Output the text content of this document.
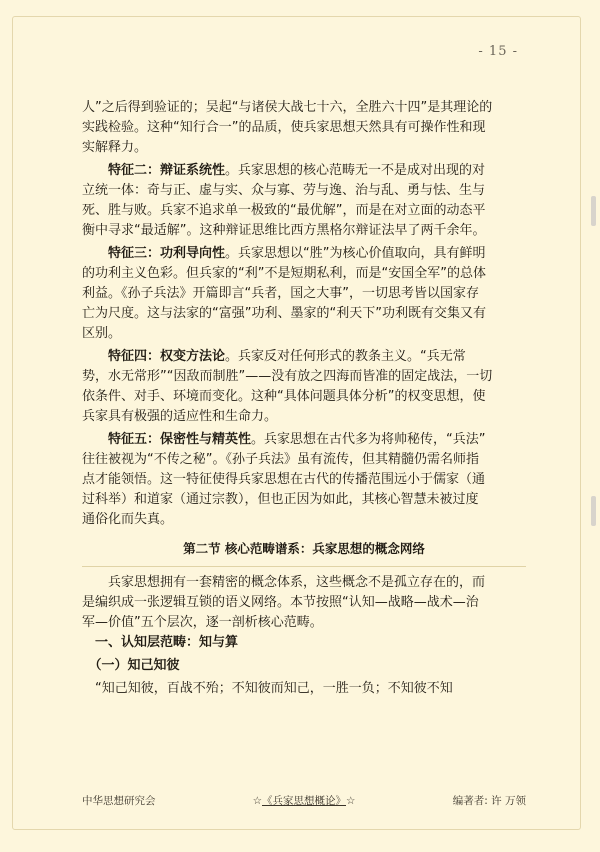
- 15 -
人”之后得到验证的；吴起“与诸侯大战七十六，全胜六十四”是其理论的
实践检验。这种“知行合一”的品质，使兵家思想天然具有可操作性和现
实解释力。
　　特征二：辩证系统性。兵家思想的核心范畴无一不是成对出现的对
立统一体：奇与正、虚与实、众与寡、劳与逸、治与乱、勇与怯、生与
死、胜与败。兵家不追求单一极致的“最优解”，而是在对立面的动态平
衡中寻求“最适解”。这种辩证思维比西方黑格尔辩证法早了两千余年。
　　特征三：功利导向性。兵家思想以“胜”为核心价值取向，具有鲜明
的功利主义色彩。但兵家的“利”不是短期私利，而是“安国全军”的总体
利益。《孙子兵法》开篇即言“兵者，国之大事”，一切思考皆以国家存
亡为尺度。这与法家的“富强”功利、墨家的“利天下”功利既有交集又有
区别。
　　特征四：权变方法论。兵家反对任何形式的教条主义。“兵无常
势，水无常形”“因敌而制胜”——没有放之四海而皆准的固定战法，一切
依条件、对手、环境而变化。这种“具体问题具体分析”的权变思想，使
兵家具有极强的适应性和生命力。
　　特征五：保密性与精英性。兵家思想在古代多为将帅秘传，“兵法”
往往被视为“不传之秘”。《孙子兵法》虽有流传，但其精髓仍需名师指
点才能领悟。这一特征使得兵家思想在古代的传播范围远小于儒家（通
过科举）和道家（通过宗教），但也正因为如此，其核心智慧未被过度
通俗化而失真。
第二节 核心范畴谱系：兵家思想的概念网络
　　兵家思想拥有一套精密的概念体系，这些概念不是孤立存在的，而
是编织成一张逻辑互锁的语义网络。本节按照“认知—战略—战术—治
军—价值”五个层次，逐一剖析核心范畴。
　一、认知层范畴：知与算
　（一）知己知彼
　“知己知彼，百战不殆；不知彼而知己，一胜一负；不知彼不知
中华思想研究会	☆《兵家思想概论》☆	编著者: 许 万领
